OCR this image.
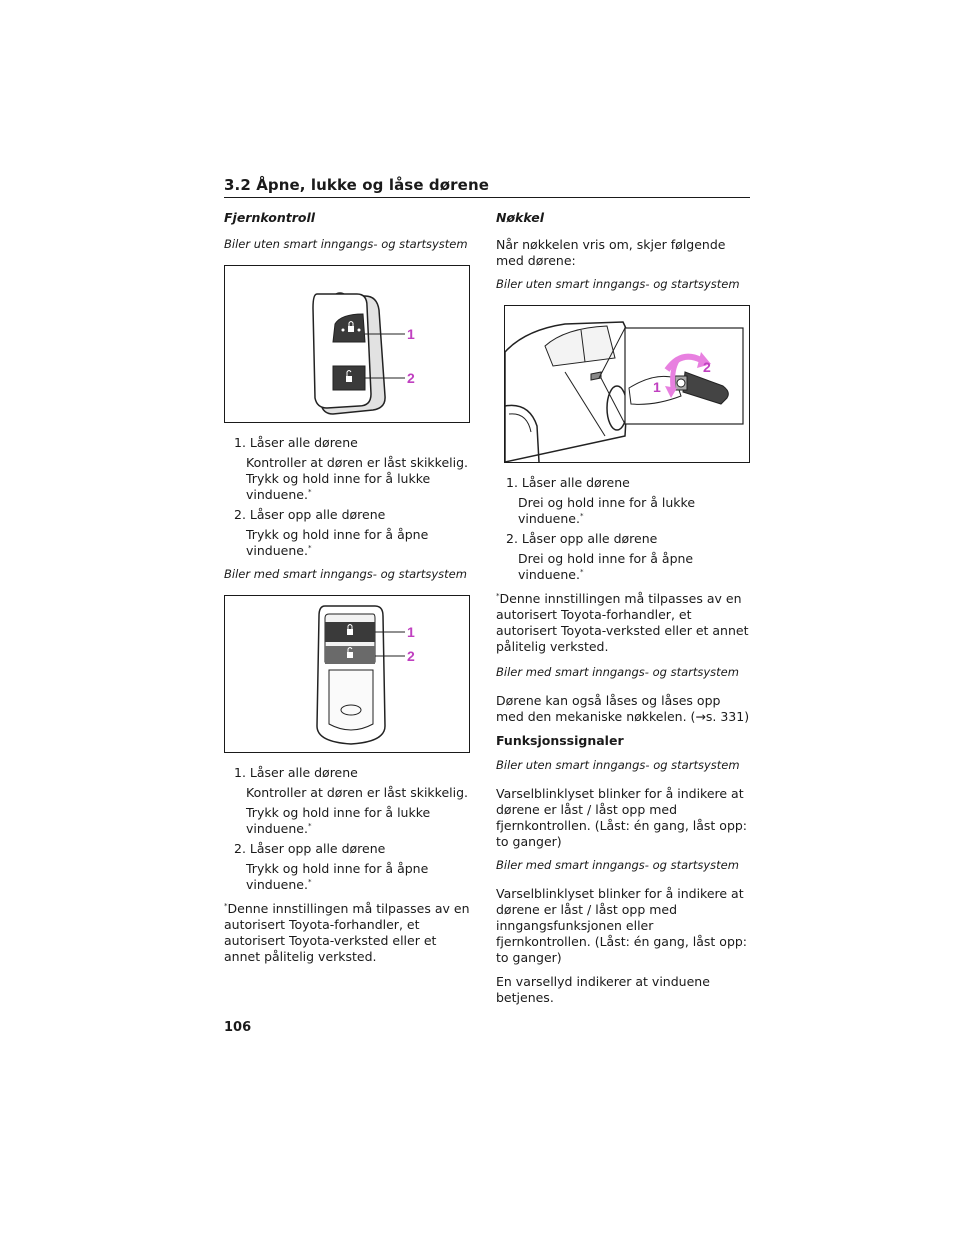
3.2 Åpne, lukke og låse dørene

Fjernkontroll

Biler uten smart inngangs- og startsystem

1
2
1. Låser alle dørene
Kontroller at døren er låst skikkelig. Trykk og hold inne for å lukke vinduene.*
2. Låser opp alle dørene
Trykk og hold inne for å åpne vinduene.*

Biler med smart inngangs- og startsystem

1
2
1. Låser alle dørene
Kontroller at døren er låst skikkelig.
Trykk og hold inne for å lukke vinduene.*
2. Låser opp alle dørene
Trykk og hold inne for å åpne vinduene.*

*Denne innstillingen må tilpasses av en autorisert Toyota-forhandler, et autorisert Toyota-verksted eller et annet pålitelig verksted.

Nøkkel

Når nøkkelen vris om, skjer følgende med dørene:

Biler uten smart inngangs- og startsystem

2
1
1. Låser alle dørene
Drei og hold inne for å lukke vinduene.*
2. Låser opp alle dørene
Drei og hold inne for å åpne vinduene.*

*Denne innstillingen må tilpasses av en autorisert Toyota-forhandler, et autorisert Toyota-verksted eller et annet pålitelig verksted.

Biler med smart inngangs- og startsystem

Dørene kan også låses og låses opp med den mekaniske nøkkelen. (→s. 331)

Funksjonssignaler

Biler uten smart inngangs- og startsystem

Varselblinklyset blinker for å indikere at dørene er låst / låst opp med fjernkontrollen. (Låst: én gang, låst opp: to ganger)

Biler med smart inngangs- og startsystem

Varselblinklyset blinker for å indikere at dørene er låst / låst opp med inngangsfunksjonen eller fjernkontrollen. (Låst: én gang, låst opp: to ganger)

En varsellyd indikerer at vinduene betjenes.

106
